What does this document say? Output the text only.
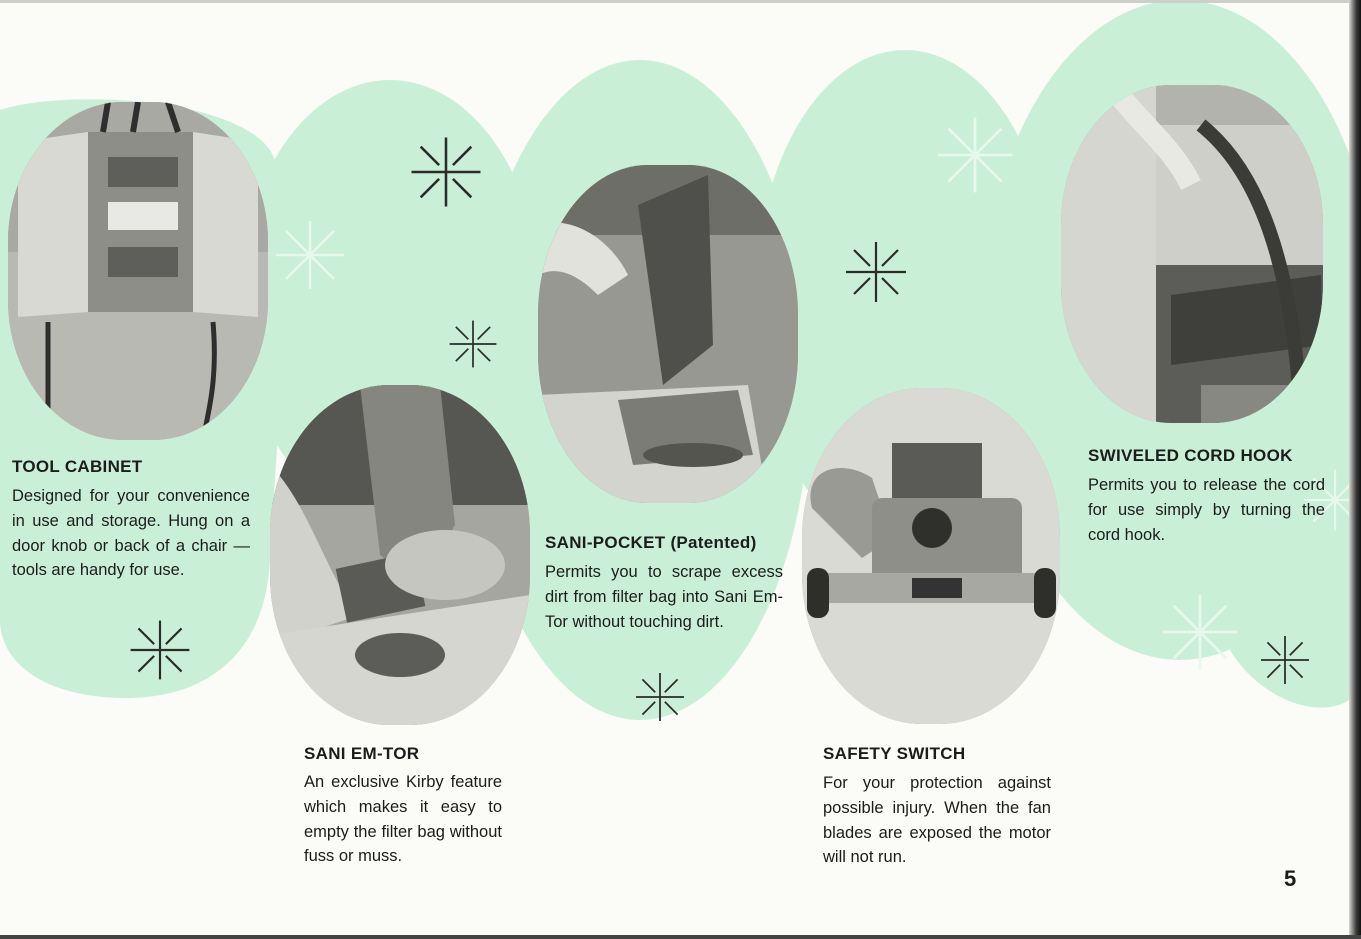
TOOL CABINET

Designed for your convenience in use and storage. Hung on a door knob or back of a chair — tools are handy for use.

SANI EM-TOR

An exclusive Kirby feature which makes it easy to empty the filter bag without fuss or muss.

SANI-POCKET (Patented)

Permits you to scrape excess dirt from filter bag into Sani Em-Tor without touching dirt.

SAFETY SWITCH

For your protection against possible injury. When the fan blades are exposed the motor will not run.

SWIVELED CORD HOOK

Permits you to release the cord for use simply by turning the cord hook.

5
